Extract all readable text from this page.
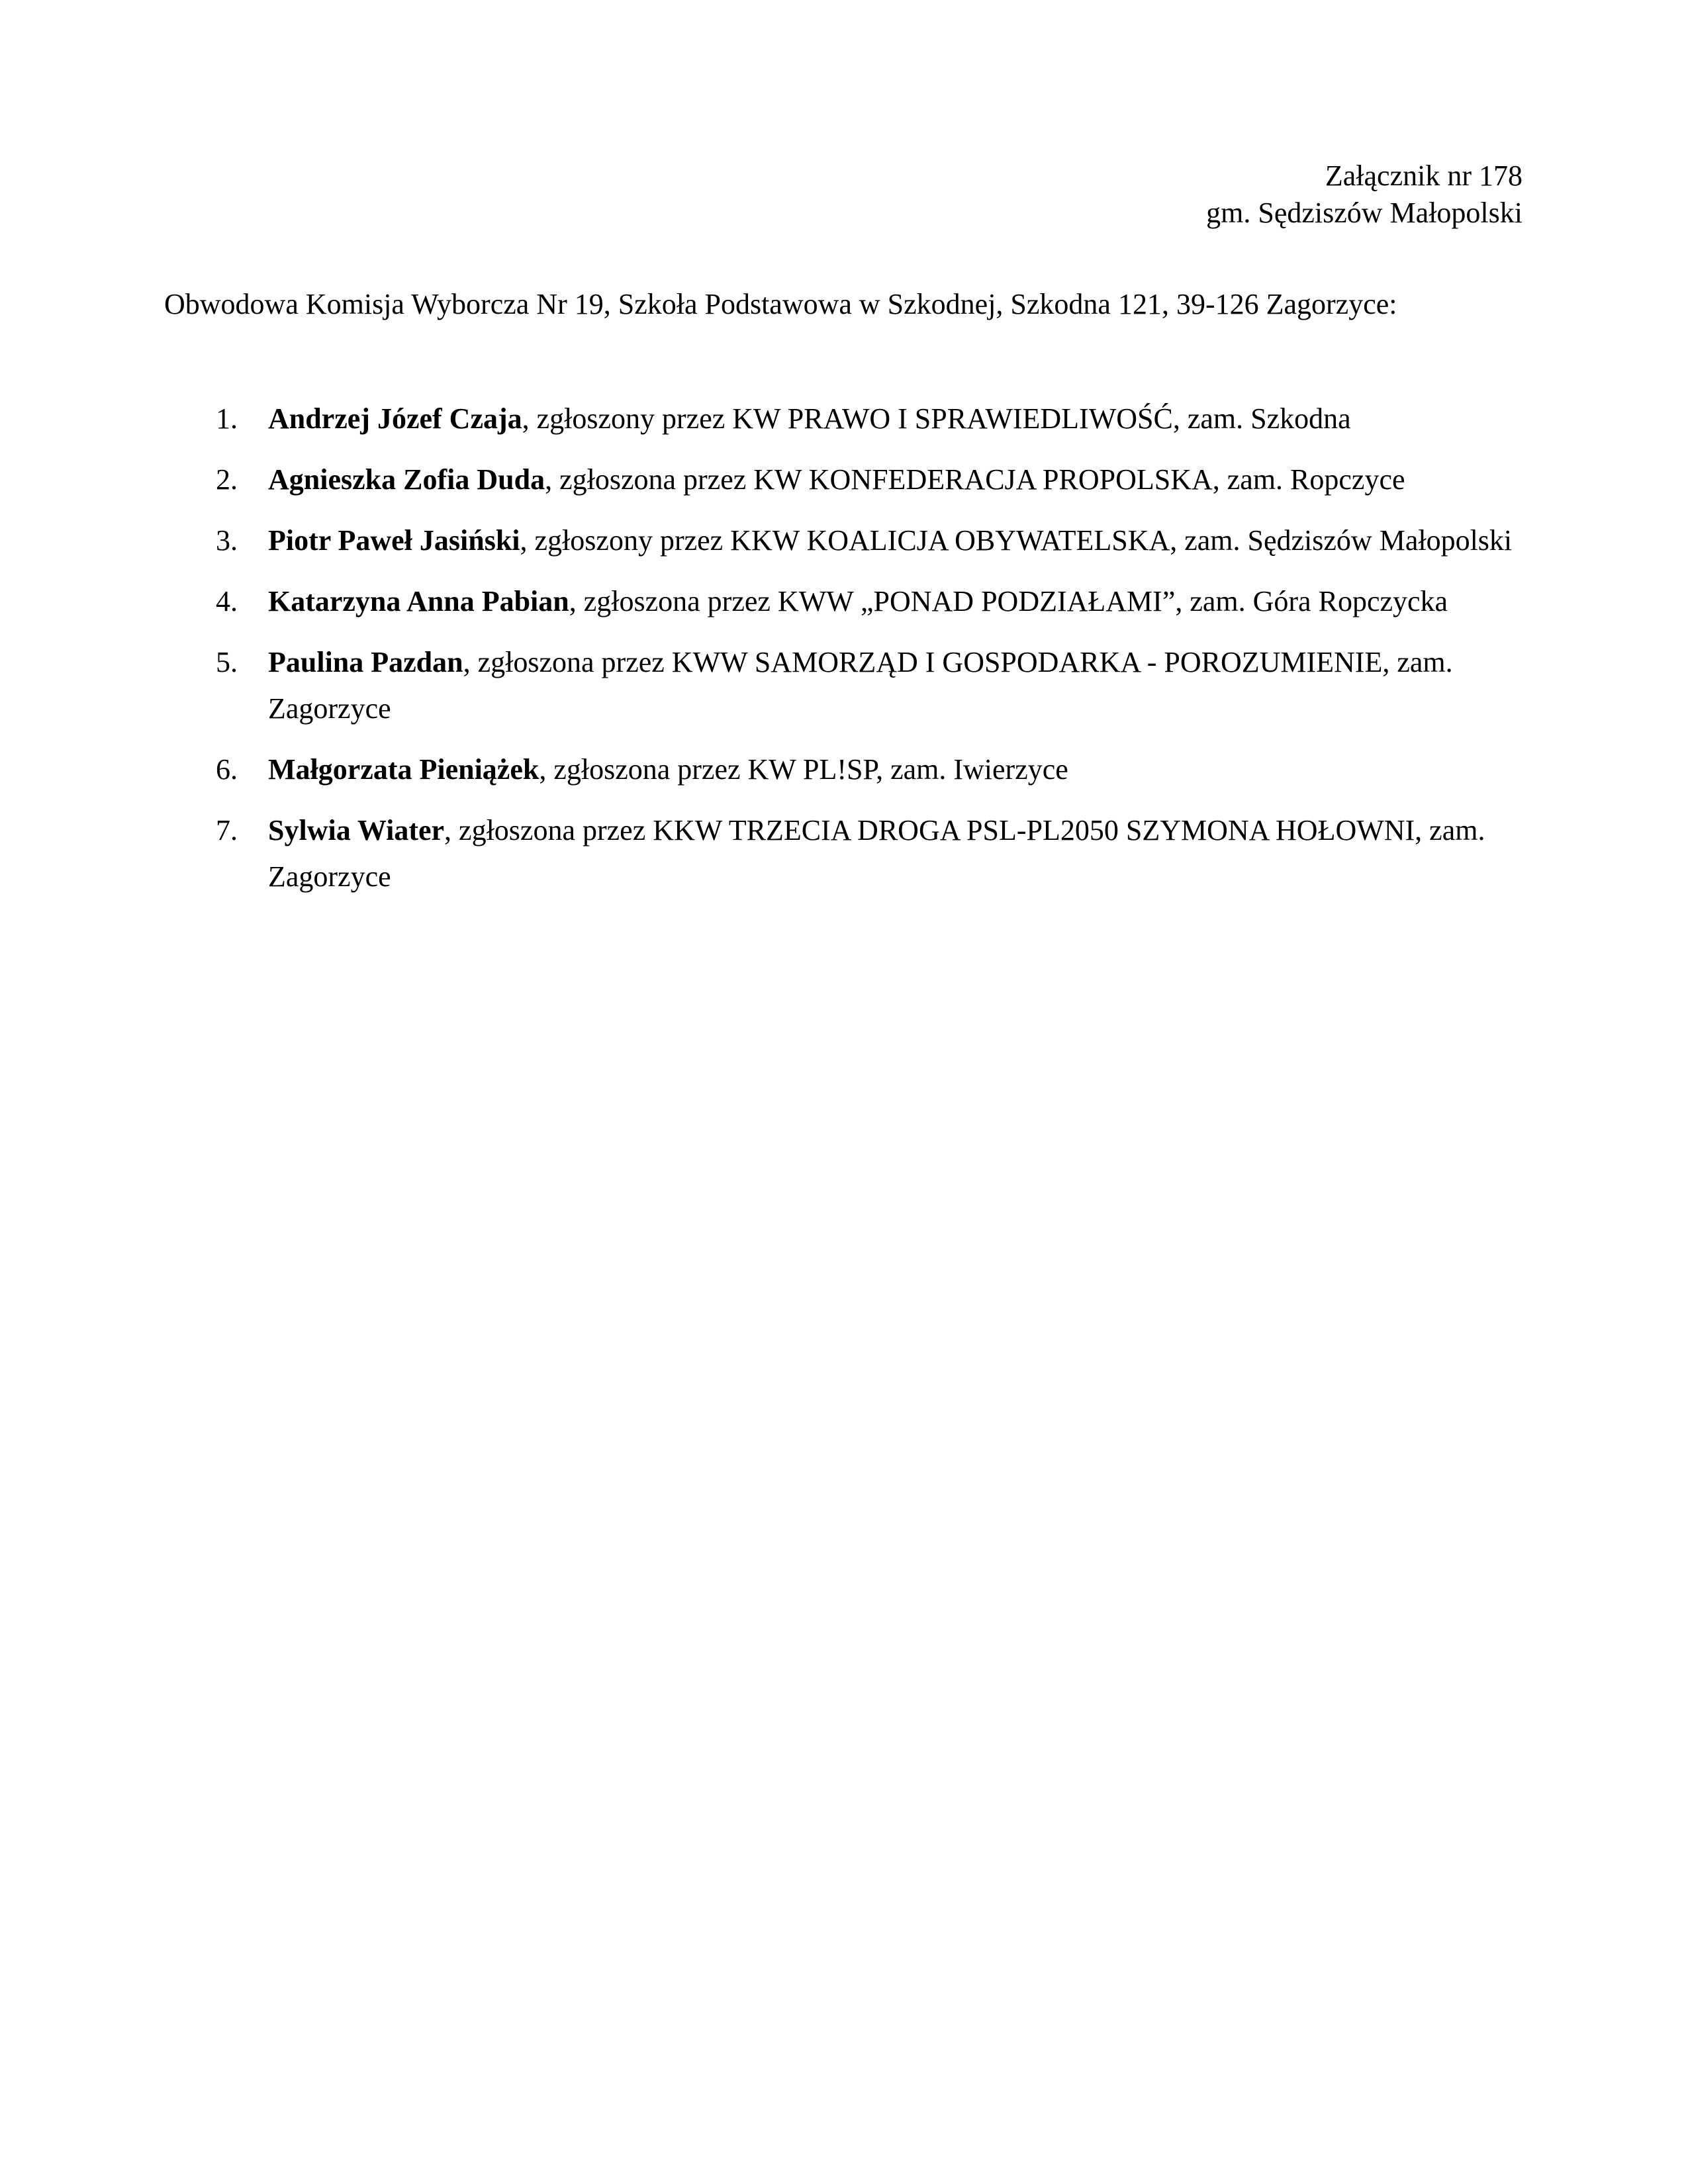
Załącznik nr 178
gm. Sędziszów Małopolski
Obwodowa Komisja Wyborcza Nr 19, Szkoła Podstawowa w Szkodnej, Szkodna 121, 39-126 Zagorzyce:
1. Andrzej Józef Czaja, zgłoszony przez KW PRAWO I SPRAWIEDLIWOŚĆ, zam. Szkodna
2. Agnieszka Zofia Duda, zgłoszona przez KW KONFEDERACJA PROPOLSKA, zam. Ropczyce
3. Piotr Paweł Jasiński, zgłoszony przez KKW KOALICJA OBYWATELSKA, zam. Sędziszów Małopolski
4. Katarzyna Anna Pabian, zgłoszona przez KWW „PONAD PODZIAŁAMI”, zam. Góra Ropczycka
5. Paulina Pazdan, zgłoszona przez KWW SAMORZĄD I GOSPODARKA - POROZUMIENIE, zam. Zagorzyce
6. Małgorzata Pieniążek, zgłoszona przez KW PL!SP, zam. Iwierzyce
7. Sylwia Wiater, zgłoszona przez KKW TRZECIA DROGA PSL-PL2050 SZYMONA HOŁOWNI, zam. Zagorzyce
